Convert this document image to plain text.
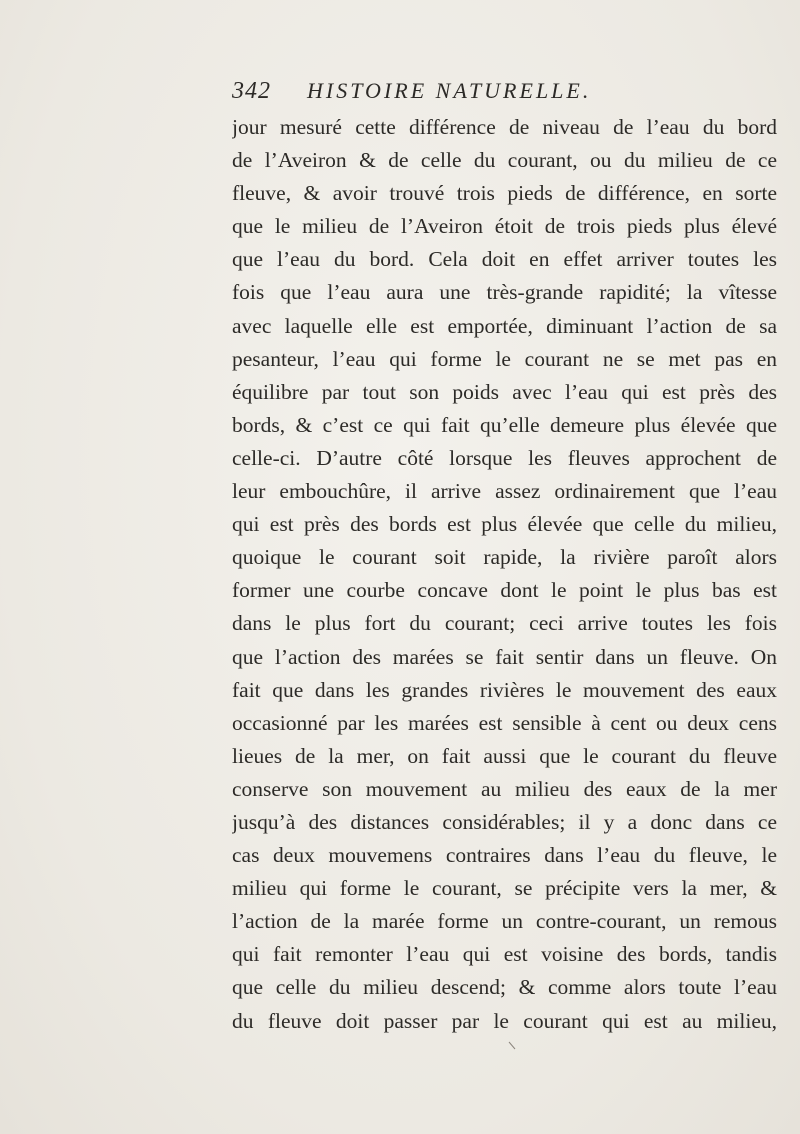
342 HISTOIRE NATURELLE.
jour mesuré cette différence de niveau de l’eau du bord
de l’Aveiron & de celle du courant, ou du milieu de ce
fleuve, & avoir trouvé trois pieds de différence, en sorte
que le milieu de l’Aveiron étoit de trois pieds plus élevé
que l’eau du bord. Cela doit en effet arriver toutes les
fois que l’eau aura une très-grande rapidité; la vîtesse
avec laquelle elle est emportée, diminuant l’action de sa
pesanteur, l’eau qui forme le courant ne se met pas en
équilibre par tout son poids avec l’eau qui est près des
bords, & c’est ce qui fait qu’elle demeure plus élevée que
celle-ci. D’autre côté lorsque les fleuves approchent de
leur embouchûre, il arrive assez ordinairement que l’eau
qui est près des bords est plus élevée que celle du milieu,
quoique le courant soit rapide, la rivière paroît alors
former une courbe concave dont le point le plus bas est
dans le plus fort du courant; ceci arrive toutes les fois
que l’action des marées se fait sentir dans un fleuve. On
fait que dans les grandes rivières le mouvement des eaux
occasionné par les marées est sensible à cent ou deux cens
lieues de la mer, on fait aussi que le courant du fleuve
conserve son mouvement au milieu des eaux de la mer
jusqu’à des distances considérables; il y a donc dans ce
cas deux mouvemens contraires dans l’eau du fleuve, le
milieu qui forme le courant, se précipite vers la mer, &
l’action de la marée forme un contre-courant, un remous
qui fait remonter l’eau qui est voisine des bords, tandis
que celle du milieu descend; & comme alors toute l’eau
du fleuve doit passer par le courant qui est au milieu,
